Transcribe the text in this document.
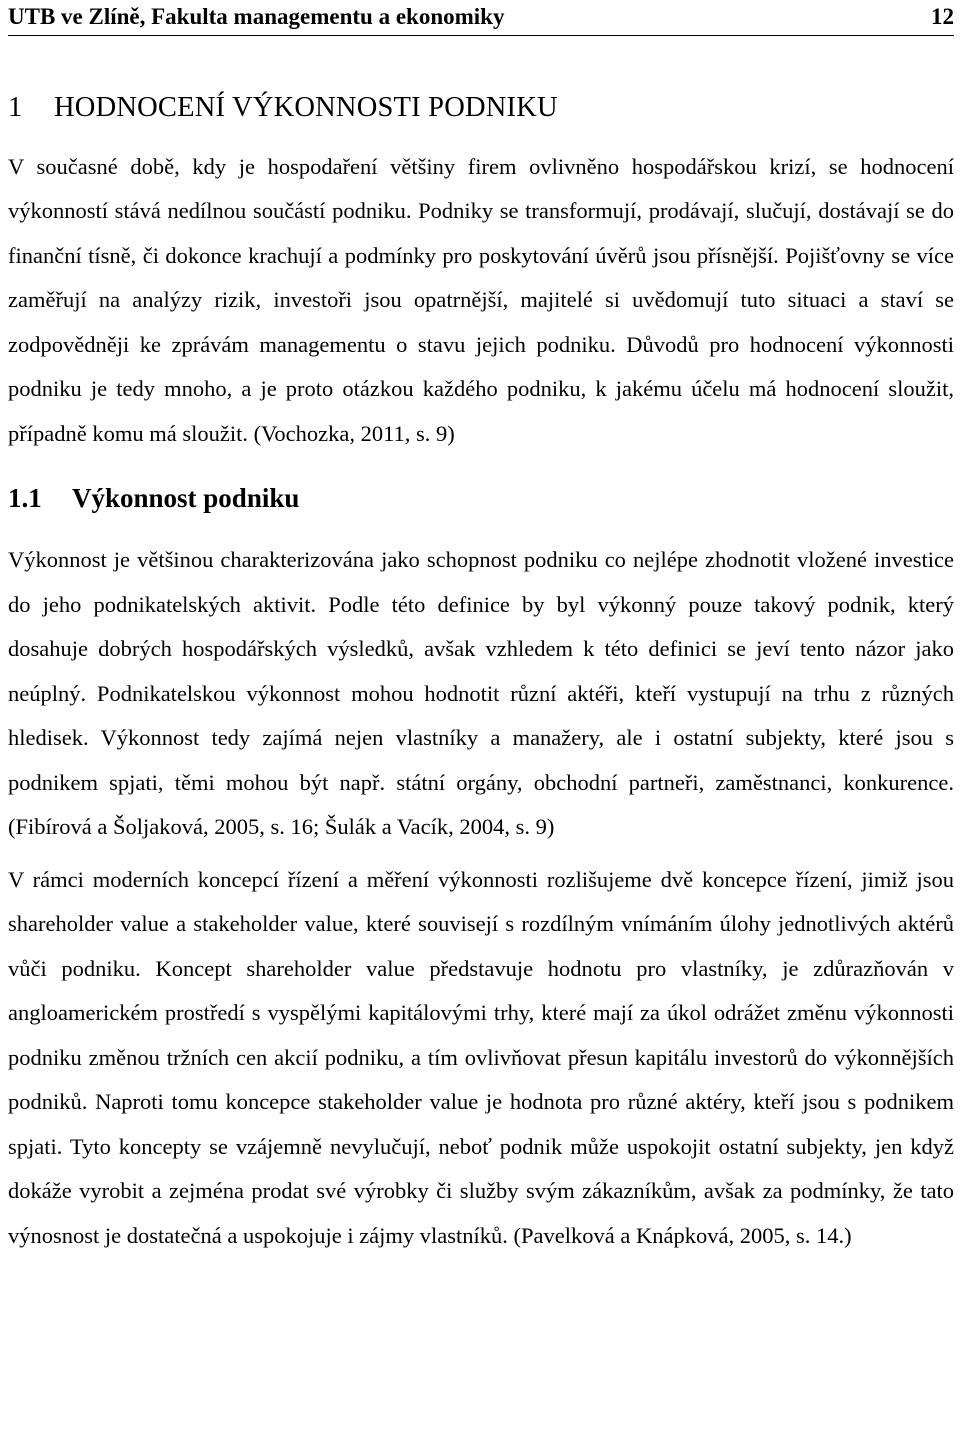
UTB ve Zlíně, Fakulta managementu a ekonomiky	12
1 HODNOCENÍ VÝKONNOSTI PODNIKU

V současné době, kdy je hospodaření většiny firem ovlivněno hospodářskou krizí, se hodnocení výkonností stává nedílnou součástí podniku. Podniky se transformují, prodávají, slučují, dostávají se do finanční tísně, či dokonce krachují a podmínky pro poskytování úvěrů jsou přísnější. Pojišťovny se více zaměřují na analýzy rizik, investoři jsou opatrnější, majitelé si uvědomují tuto situaci a staví se zodpovědněji ke zprávám managementu o stavu jejich podniku. Důvodů pro hodnocení výkonnosti podniku je tedy mnoho, a je proto otázkou každého podniku, k jakému účelu má hodnocení sloužit, případně komu má sloužit. (Vochozka, 2011, s. 9)

1.1 Výkonnost podniku

Výkonnost je většinou charakterizována jako schopnost podniku co nejlépe zhodnotit vložené investice do jeho podnikatelských aktivit. Podle této definice by byl výkonný pouze takový podnik, který dosahuje dobrých hospodářských výsledků, avšak vzhledem k této definici se jeví tento názor jako neúplný. Podnikatelskou výkonnost mohou hodnotit různí aktéři, kteří vystupují na trhu z různých hledisek. Výkonnost tedy zajímá nejen vlastníky a manažery, ale i ostatní subjekty, které jsou s podnikem spjati, těmi mohou být např. státní orgány, obchodní partneři, zaměstnanci, konkurence. (Fibírová a Šoljaková, 2005, s. 16; Šulák a Vacík, 2004, s. 9)

V rámci moderních koncepcí řízení a měření výkonnosti rozlišujeme dvě koncepce řízení, jimiž jsou shareholder value a stakeholder value, které souvisejí s rozdílným vnímáním úlohy jednotlivých aktérů vůči podniku. Koncept shareholder value představuje hodnotu pro vlastníky, je zdůrazňován v angloamerickém prostředí s vyspělými kapitálovými trhy, které mají za úkol odrážet změnu výkonnosti podniku změnou tržních cen akcií podniku, a tím ovlivňovat přesun kapitálu investorů do výkonnějších podniků. Naproti tomu koncepce stakeholder value je hodnota pro různé aktéry, kteří jsou s podnikem spjati. Tyto koncepty se vzájemně nevylučují, neboť podnik může uspokojit ostatní subjekty, jen když dokáže vyrobit a zejména prodat své výrobky či služby svým zákazníkům, avšak za podmínky, že tato výnosnost je dostatečná a uspokojuje i zájmy vlastníků. (Pavelková a Knápková, 2005, s. 14.)
